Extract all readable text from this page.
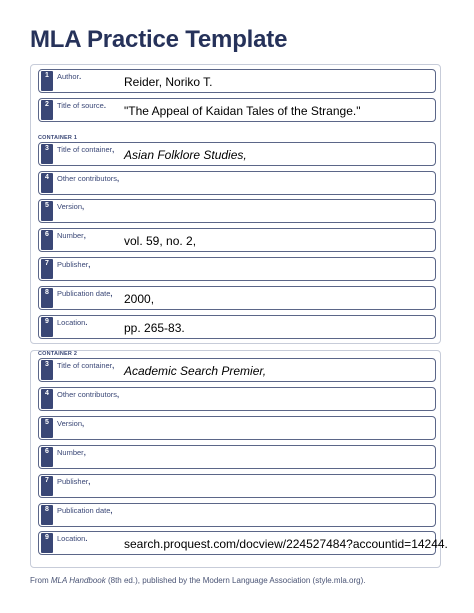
MLA Practice Template
CONTAINER 1
CONTAINER 2
1	Author.	Reider, Noriko T.
2	Title of source. "The Appeal of Kaidan Tales of the Strange."
3	Title of container, Asian Folklore Studies,
4	Other contributors,
5	Version,
6	Number,	vol. 59, no. 2,
7	Publisher,
8	Publication date, 2000,
9	Location.	pp. 265-83.
3	Title of container, Academic Search Premier,
4	Other contributors,
5	Version,
6	Number,
7	Publisher,
8	Publication date,
9	Location.	search.proquest.com/docview/224527484?accountid=14244.
From MLA Handbook (8th ed.), published by the Modern Language Association (style.mla.org).
